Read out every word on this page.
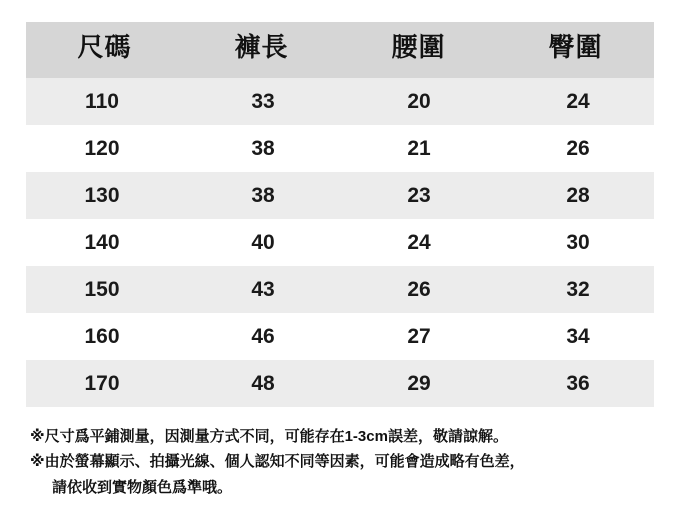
尺碼	褲長	腰圍	臀圍
110	33	20	24
120	38	21	26
130	38	23	28
140	40	24	30
150	43	26	32
160	46	27	34
170	48	29	36

※尺寸爲平鋪測量，因測量方式不同，可能存在1-3cm誤差，敬請諒解。

※由於螢幕顯示、拍攝光線、個人認知不同等因素，可能會造成略有色差，

請依收到實物顏色爲準哦。
